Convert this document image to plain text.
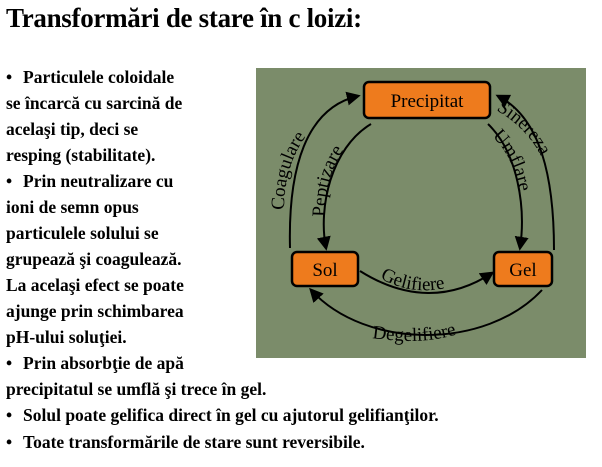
Transformări de stare în c loizi:
• Particulele coloidale
se încarcă cu sarcină de
acelaşi tip, deci se
resping (stabilitate).
• Prin neutralizare cu
ioni de semn opus
particulele solului se
grupează şi coagulează.
La acelaşi efect se poate
ajunge prin schimbarea
pH-ului soluţiei.
• Prin absorbţie de apă
precipitatul se umflă şi trece în gel.
• Solul poate gelifica direct în gel cu ajutorul gelifianţilor.
• Toate transformările de stare sunt reversibile.
Coagulare
Peptizare
Sinereza
Umflare
Gelifiere
Degelifiere
Precipitat
Sol	Gel
